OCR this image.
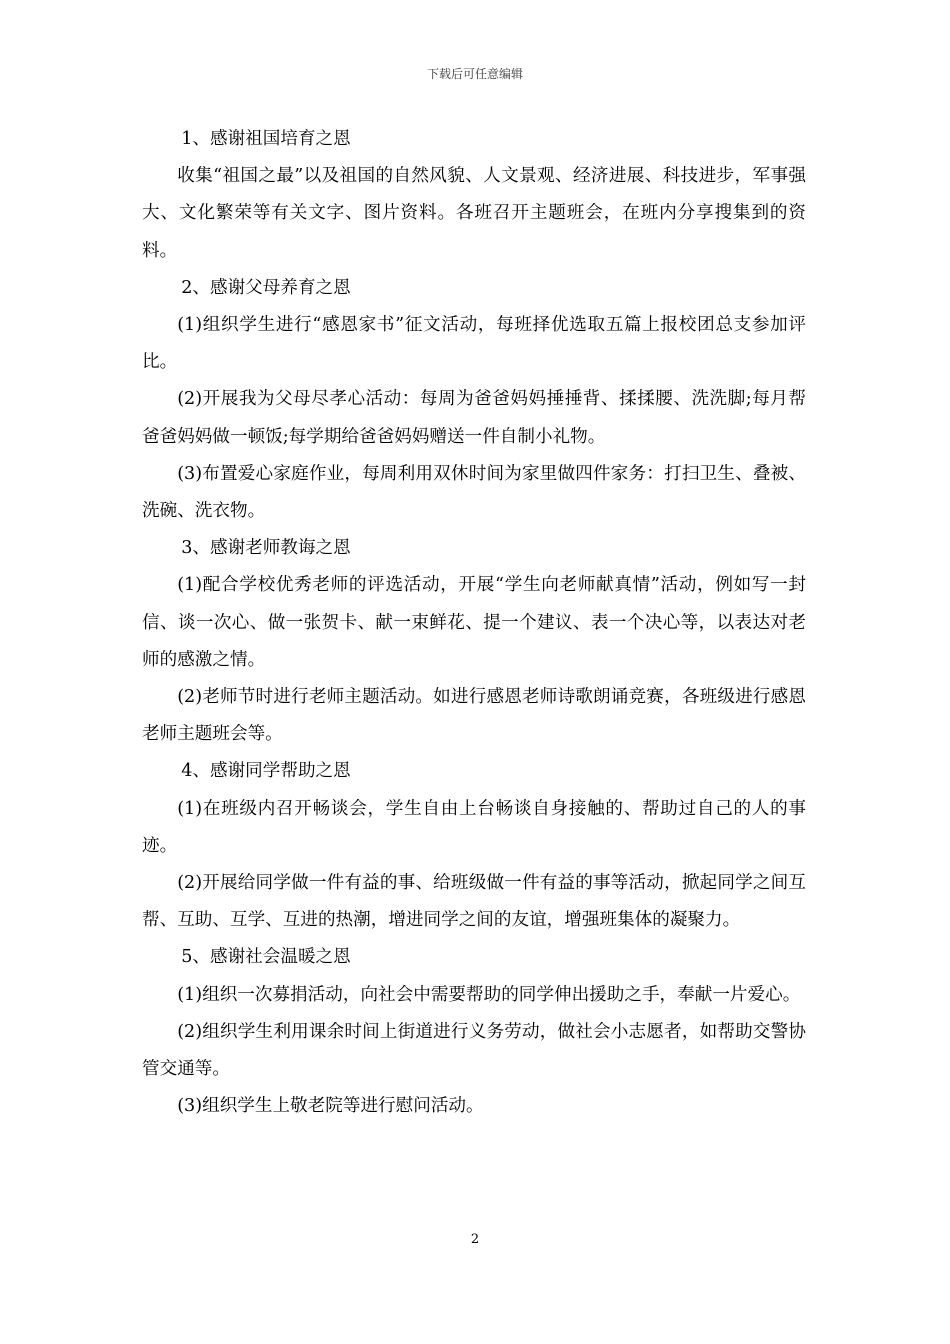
下载后可任意编辑

1、感谢祖国培育之恩

收集“祖国之最”以及祖国的自然风貌、人文景观、经济进展、科技进步，军事强大、文化繁荣等有关文字、图片资料。各班召开主题班会，在班内分享搜集到的资料。

2、感谢父母养育之恩

(1)组织学生进行“感恩家书”征文活动，每班择优选取五篇上报校团总支参加评比。

(2)开展我为父母尽孝心活动：每周为爸爸妈妈捶捶背、揉揉腰、洗洗脚;每月帮爸爸妈妈做一顿饭;每学期给爸爸妈妈赠送一件自制小礼物。

(3)布置爱心家庭作业，每周利用双休时间为家里做四件家务：打扫卫生、叠被、洗碗、洗衣物。

3、感谢老师教诲之恩

(1)配合学校优秀老师的评选活动，开展“学生向老师献真情”活动，例如写一封信、谈一次心、做一张贺卡、献一束鲜花、提一个建议、表一个决心等，以表达对老师的感激之情。

(2)老师节时进行老师主题活动。如进行感恩老师诗歌朗诵竞赛，各班级进行感恩老师主题班会等。

4、感谢同学帮助之恩

(1)在班级内召开畅谈会，学生自由上台畅谈自身接触的、帮助过自己的人的事迹。

(2)开展给同学做一件有益的事、给班级做一件有益的事等活动，掀起同学之间互帮、互助、互学、互进的热潮，增进同学之间的友谊，增强班集体的凝聚力。

5、感谢社会温暖之恩

(1)组织一次募捐活动，向社会中需要帮助的同学伸出援助之手，奉献一片爱心。

(2)组织学生利用课余时间上街道进行义务劳动，做社会小志愿者，如帮助交警协管交通等。

(3)组织学生上敬老院等进行慰问活动。

2
